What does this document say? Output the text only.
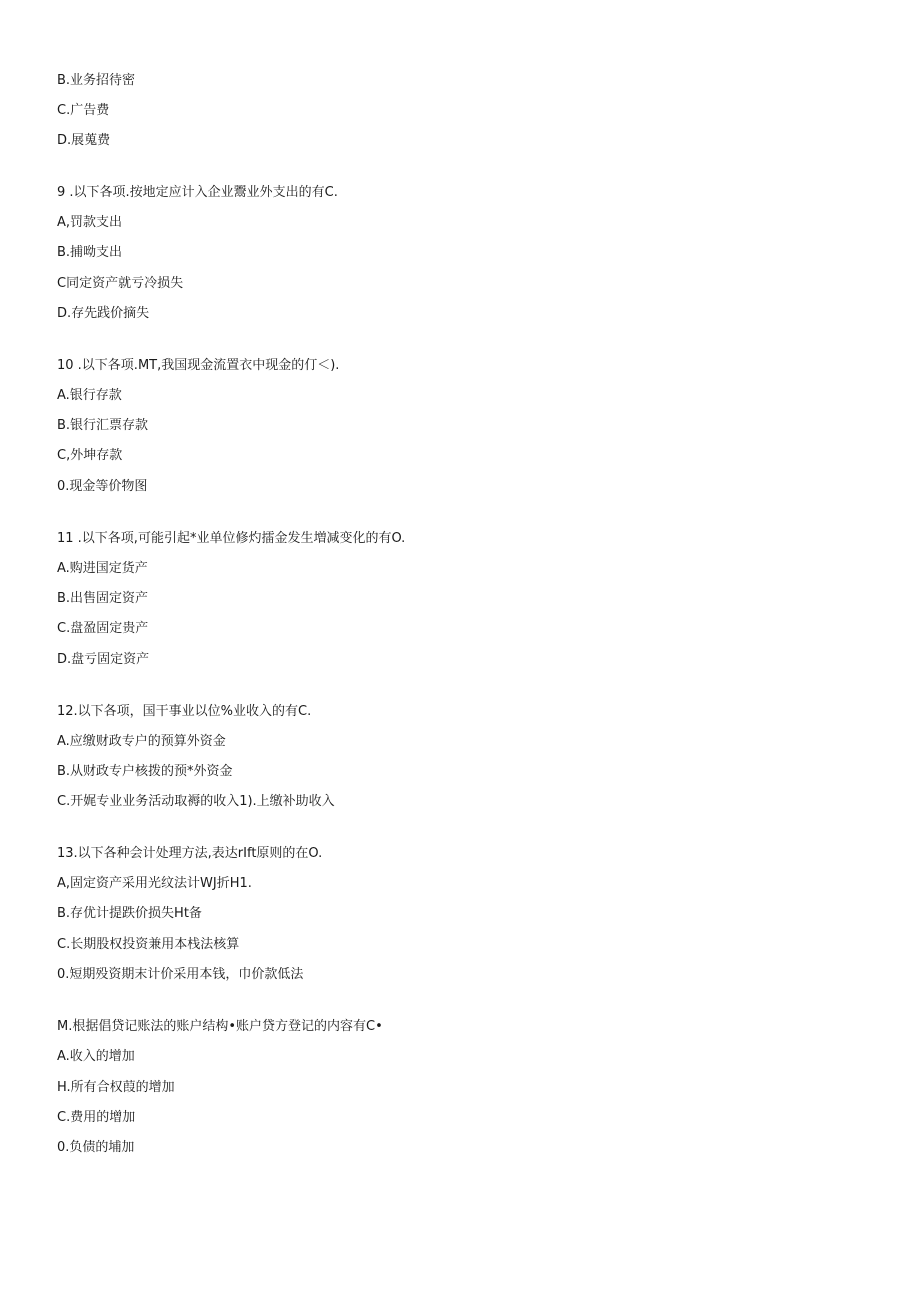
B.业务招待密
C.广告费
D.展蒐费
9 .以下各项.按地定应计入企业鬻业外支出的有C.
A,罚款支出
B.捕呦支出
C同定资产就亏冷损失
D.存先践价摘失
10 .以下各项.MT,我国现金流置衣中现金的仃＜).
A.银行存款
B.银行汇票存款
C,外坤存款
0.现金等价物图
11 .以下各项,可能引起*业单位修灼擂金发生増减变化的有O.
A.购进国定货产
B.出售固定资产
C.盘盈固定贵产
D.盘亏固定资产
12.以下各项，国干事业以位%业收入的有C.
A.应缴财政专户的预算外资金
B.从财政专户核拨的预*外资金
C.开娓专业业务活动取褥的收入1).上缴补助收入
13.以下各种会计处理方法,表达rIft原则的在O.
A,固定资产采用光纹法计WJ折H1.
B.存优计提跌价损失Ht备
C.长期股权投资兼用本栈法核算
0.短期殁资期末计价采用本钱，巾价款低法
M.根据倡贷记账法的账户结构•账户贷方登记的内容有C•
A.收入的增加
H.所有合权葭的增加
C.费用的增加
0.负债的埔加
